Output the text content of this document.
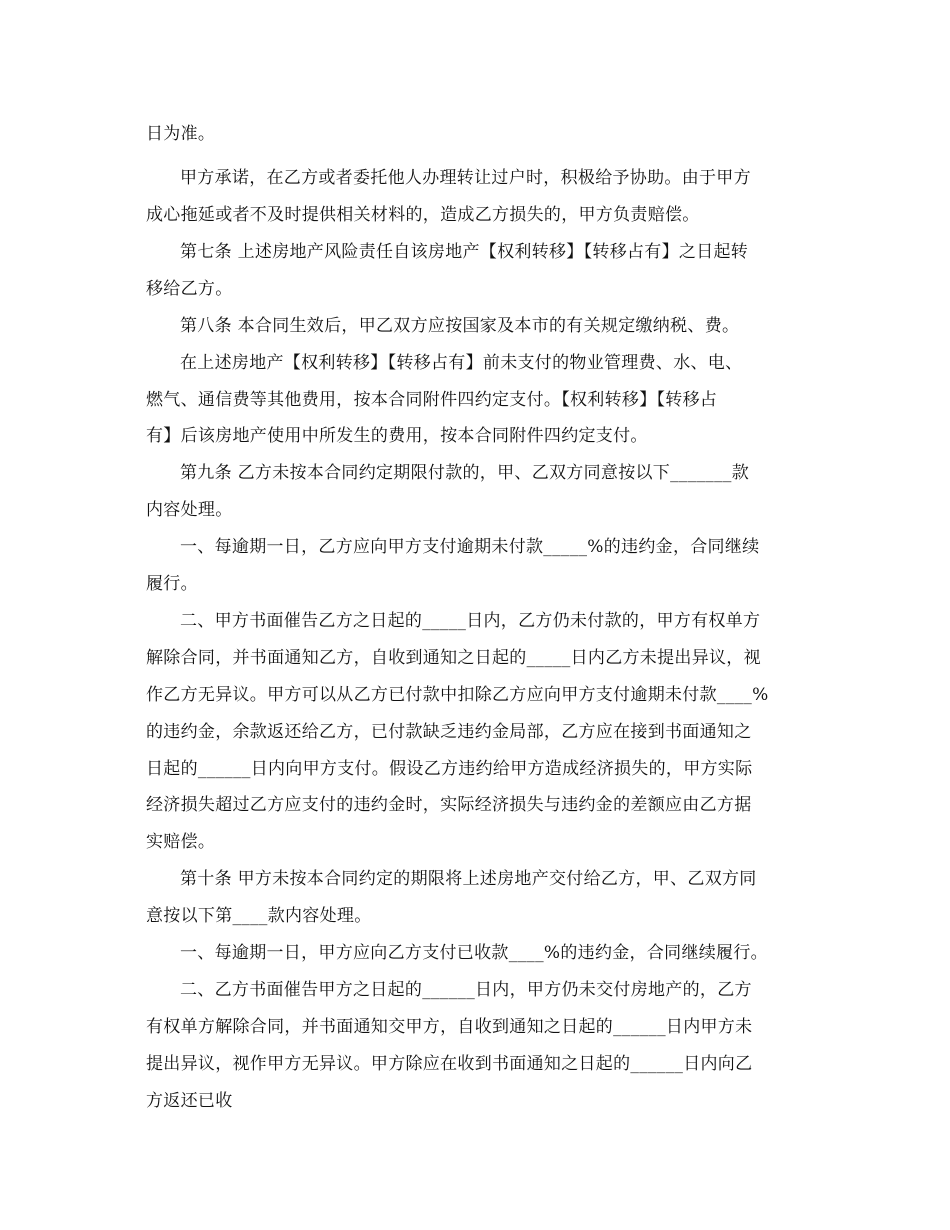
日为准。
甲方承诺，在乙方或者委托他人办理转让过户时，积极给予协助。由于甲方
成心拖延或者不及时提供相关材料的，造成乙方损失的，甲方负责赔偿。
第七条 上述房地产风险责任自该房地产【权利转移】【转移占有】之日起转
移给乙方。
第八条 本合同生效后，甲乙双方应按国家及本市的有关规定缴纳税、费。
在上述房地产【权利转移】【转移占有】前未支付的物业管理费、水、电、
燃气、通信费等其他费用，按本合同附件四约定支付。【权利转移】【转移占
有】后该房地产使用中所发生的费用，按本合同附件四约定支付。
第九条 乙方未按本合同约定期限付款的，甲、乙双方同意按以下_______款
内容处理。
一、每逾期一日，乙方应向甲方支付逾期未付款_____%的违约金，合同继续
履行。
二、甲方书面催告乙方之日起的_____日内，乙方仍未付款的，甲方有权单方
解除合同，并书面通知乙方，自收到通知之日起的_____日内乙方未提出异议，视
作乙方无异议。甲方可以从乙方已付款中扣除乙方应向甲方支付逾期未付款____%
的违约金，余款返还给乙方，已付款缺乏违约金局部，乙方应在接到书面通知之
日起的______日内向甲方支付。假设乙方违约给甲方造成经济损失的，甲方实际
经济损失超过乙方应支付的违约金时，实际经济损失与违约金的差额应由乙方据
实赔偿。
第十条 甲方未按本合同约定的期限将上述房地产交付给乙方，甲、乙双方同
意按以下第____款内容处理。
一、每逾期一日，甲方应向乙方支付已收款____%的违约金，合同继续履行。
二、乙方书面催告甲方之日起的______日内，甲方仍未交付房地产的，乙方
有权单方解除合同，并书面通知交甲方，自收到通知之日起的______日内甲方未
提出异议，视作甲方无异议。甲方除应在收到书面通知之日起的______日内向乙
方返还已收
